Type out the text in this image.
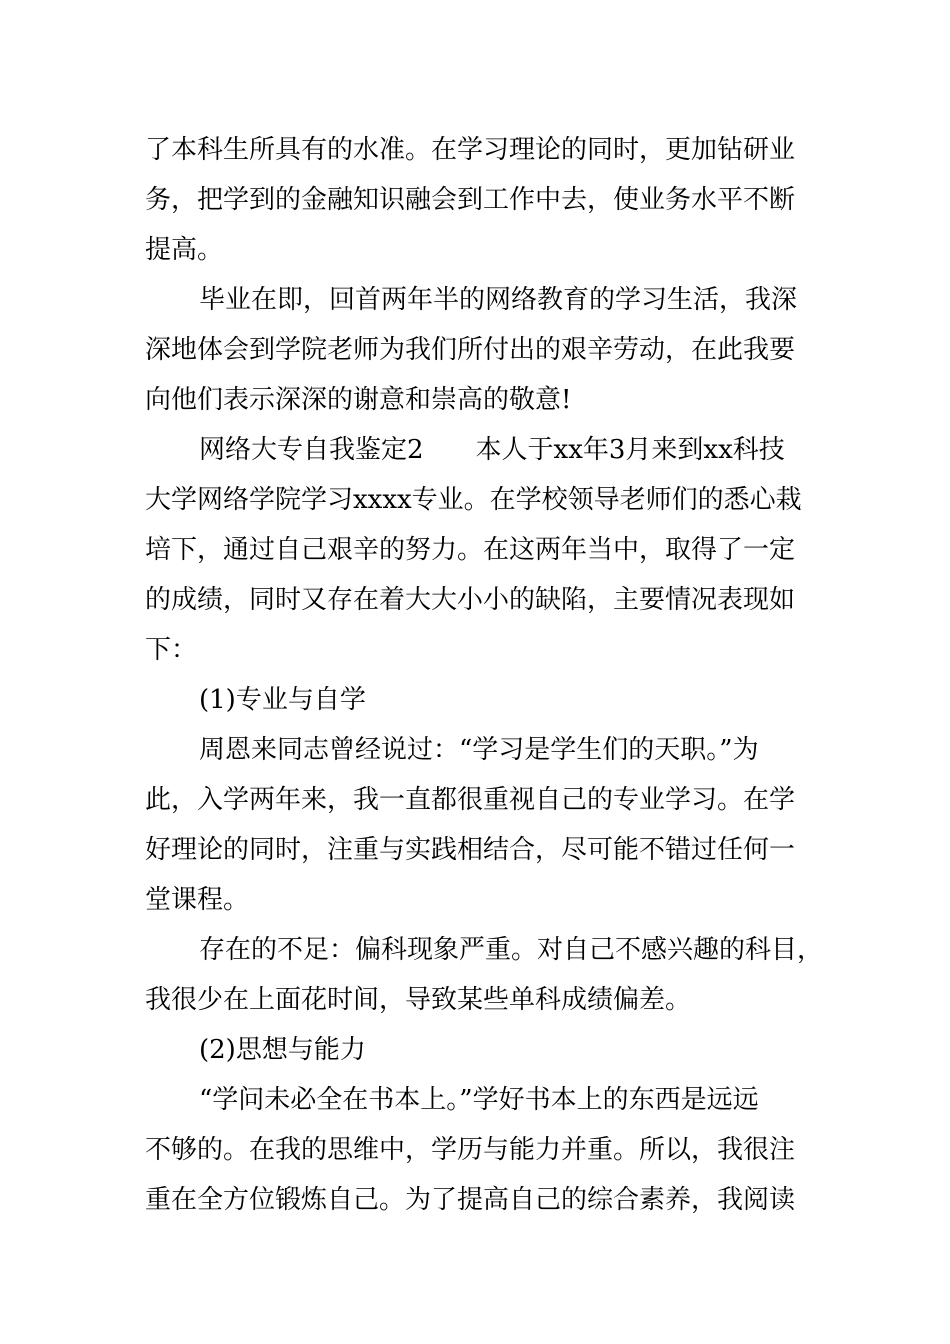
了本科生所具有的水准。在学习理论的同时，更加钻研业
务，把学到的金融知识融会到工作中去，使业务水平不断
提高。
毕业在即，回首两年半的网络教育的学习生活，我深
深地体会到学院老师为我们所付出的艰辛劳动，在此我要
向他们表示深深的谢意和崇高的敬意!
网络大专自我鉴定2　　本人于xx年3月来到xx科技
大学网络学院学习xxxx专业。在学校领导老师们的悉心栽
培下，通过自己艰辛的努力。在这两年当中，取得了一定
的成绩，同时又存在着大大小小的缺陷，主要情况表现如
下：
(1)专业与自学
周恩来同志曾经说过：“学习是学生们的天职。”为
此，入学两年来，我一直都很重视自己的专业学习。在学
好理论的同时，注重与实践相结合，尽可能不错过任何一
堂课程。
存在的不足：偏科现象严重。对自己不感兴趣的科目，
我很少在上面花时间，导致某些单科成绩偏差。
(2)思想与能力
“学问未必全在书本上。”学好书本上的东西是远远
不够的。在我的思维中，学历与能力并重。所以，我很注
重在全方位锻炼自己。为了提高自己的综合素养，我阅读
